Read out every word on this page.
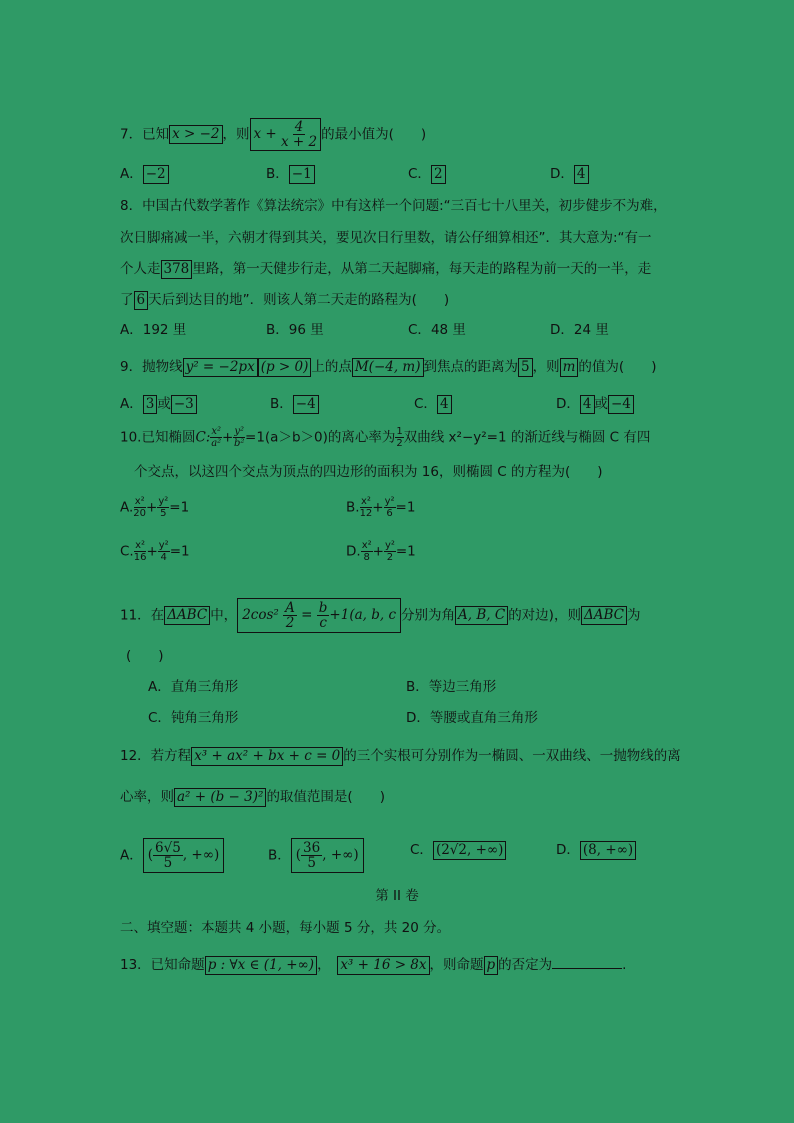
7．已知 x > −2 ，则 $x + \frac{4}{x + 2}$ 的最小值为(　　)
A． −2	B． −1	C． 2	D． 4
8．中国古代数学著作《算法统宗》中有这样一个问题:“三百七十八里关，初步健步不为难，
次日脚痛减一半，六朝才得到其关，要见次日行里数，请公仔细算相还”．其大意为:“有一
个人走 378 里路，第一天健步行走，从第二天起脚痛，每天走的路程为前一天的一半，走
了 6 天后到达目的地”．则该人第二天走的路程为(　　)
A．192 里	B．96 里	C．48 里	D．24 里
9．抛物线 y² = −2px (p > 0) 上的点 M(−4, m) 到焦点的距离为 5 ，则 m 的值为(　　)
A． 3 或 −3	B． −4	C． 4	D． 4 或 −4
10.已知椭圆C: $\frac{\text{x²}}{\text{a²}} + \frac{\text{y²}}{\text{b²}} =1(a>b>0)$的离心率为 $\frac{1}{2}$ 双曲线 x²−y²=1 的渐近线与椭圆 C 有四
个交点，以这四个交点为顶点的四边形的面积为 16，则椭圆 C 的方程为(　　)
A. $\frac{\text{x²}}{20} + \frac{\text{y²}}{5} =1$	B. $\frac{\text{x²}}{12} + \frac{\text{y²}}{6} =1$
C. $\frac{\text{x²}}{16} + \frac{\text{y²}}{4} =1$	D. $\frac{\text{x²}}{8} + \frac{\text{y²}}{2} =1$
11．在 ΔABC 中， $2\cos^2 \frac{A}{2} = \frac{b}{c} +1(a$, b, c 分别为角 A, B, C 的对边)，则 ΔABC 为
(　　)
A．直角三角形	B．等边三角形
C．钝角三角形	D．等腰或直角三角形
12．若方程 x³ + ax² + bx + c = 0 的三个实根可分别作为一椭圆、一双曲线、一抛物线的离
心率，则 a² + (b − 3)² 的取值范围是(　　)
A． ( $\frac{6√5}{5}$ , +∞)	B． ( $\frac{36}{5}$ , +∞)	C． (2√2, +∞)	D． (8, +∞)
第 II 卷
二、填空题：本题共 4 小题，每小题 5 分，共 20 分。
13．已知命题 p : ∀x ∈ (1, +∞) ，　 x³ + 16 > 8x ，则命题 p 的否定为	.
